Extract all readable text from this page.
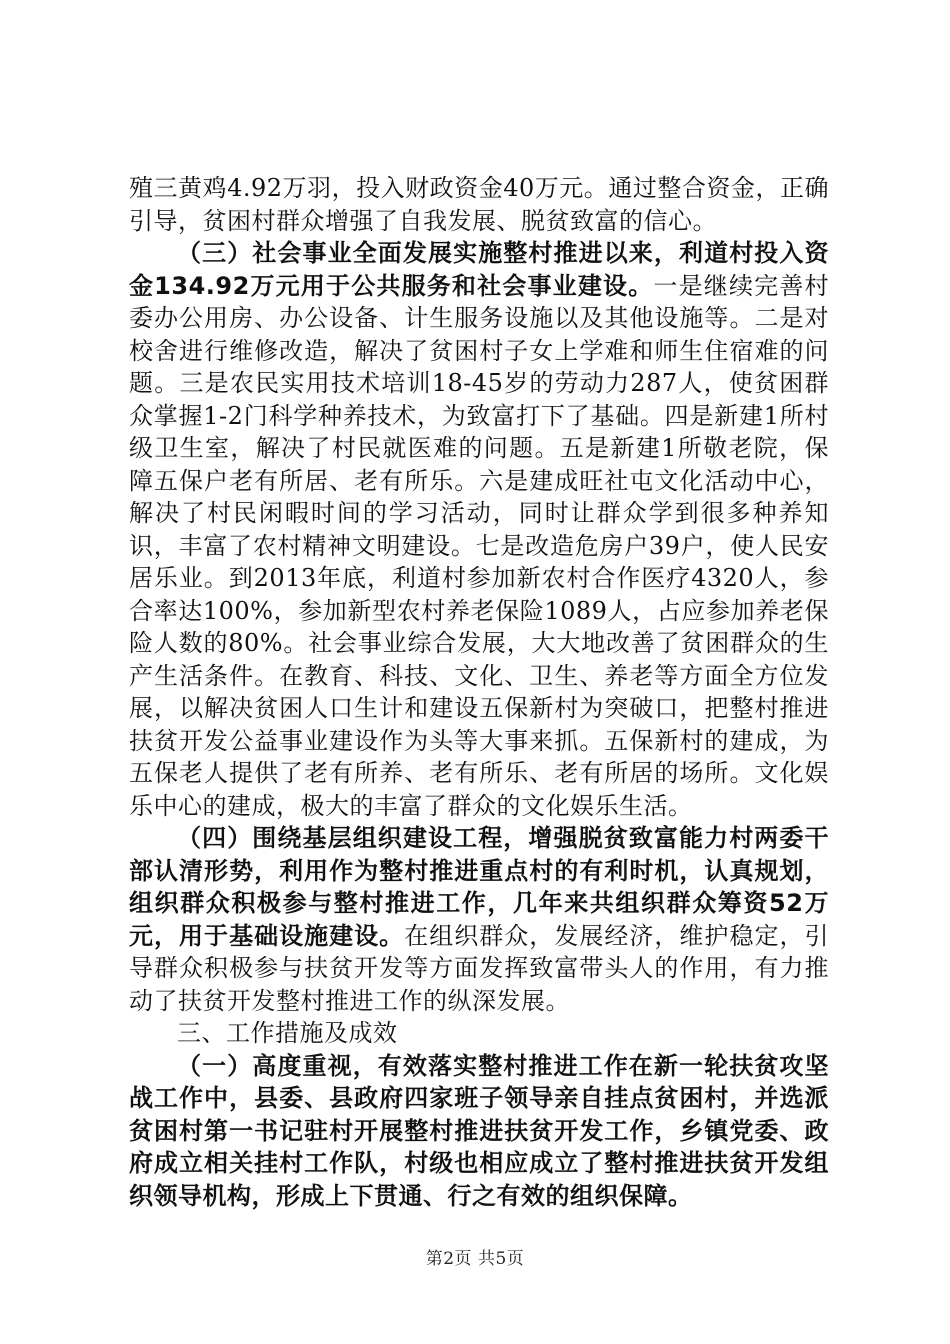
殖三黄鸡4.92万羽，投入财政资金40万元。通过整合资金，正确引导，贫困村群众增强了自我发展、脱贫致富的信心。

（三）社会事业全面发展实施整村推进以来，利道村投入资金134.92万元用于公共服务和社会事业建设。一是继续完善村委办公用房、办公设备、计生服务设施以及其他设施等。二是对校舍进行维修改造，解决了贫困村子女上学难和师生住宿难的问题。三是农民实用技术培训18-45岁的劳动力287人，使贫困群众掌握1-2门科学种养技术，为致富打下了基础。四是新建1所村级卫生室，解决了村民就医难的问题。五是新建1所敬老院，保障五保户老有所居、老有所乐。六是建成旺社屯文化活动中心，解决了村民闲暇时间的学习活动，同时让群众学到很多种养知识，丰富了农村精神文明建设。七是改造危房户39户，使人民安居乐业。到2013年底，利道村参加新农村合作医疗4320人，参合率达100%，参加新型农村养老保险1089人，占应参加养老保险人数的80%。社会事业综合发展，大大地改善了贫困群众的生产生活条件。在教育、科技、文化、卫生、养老等方面全方位发展，以解决贫困人口生计和建设五保新村为突破口，把整村推进扶贫开发公益事业建设作为头等大事来抓。五保新村的建成，为五保老人提供了老有所养、老有所乐、老有所居的场所。文化娱乐中心的建成，极大的丰富了群众的文化娱乐生活。

（四）围绕基层组织建设工程，增强脱贫致富能力村两委干部认清形势，利用作为整村推进重点村的有利时机，认真规划，组织群众积极参与整村推进工作，几年来共组织群众筹资52万元，用于基础设施建设。在组织群众，发展经济，维护稳定，引导群众积极参与扶贫开发等方面发挥致富带头人的作用，有力推动了扶贫开发整村推进工作的纵深发展。

三、工作措施及成效

（一）高度重视，有效落实整村推进工作在新一轮扶贫攻坚战工作中，县委、县政府四家班子领导亲自挂点贫困村，并选派贫困村第一书记驻村开展整村推进扶贫开发工作，乡镇党委、政府成立相关挂村工作队，村级也相应成立了整村推进扶贫开发组织领导机构，形成上下贯通、行之有效的组织保障。

第2页 共5页
